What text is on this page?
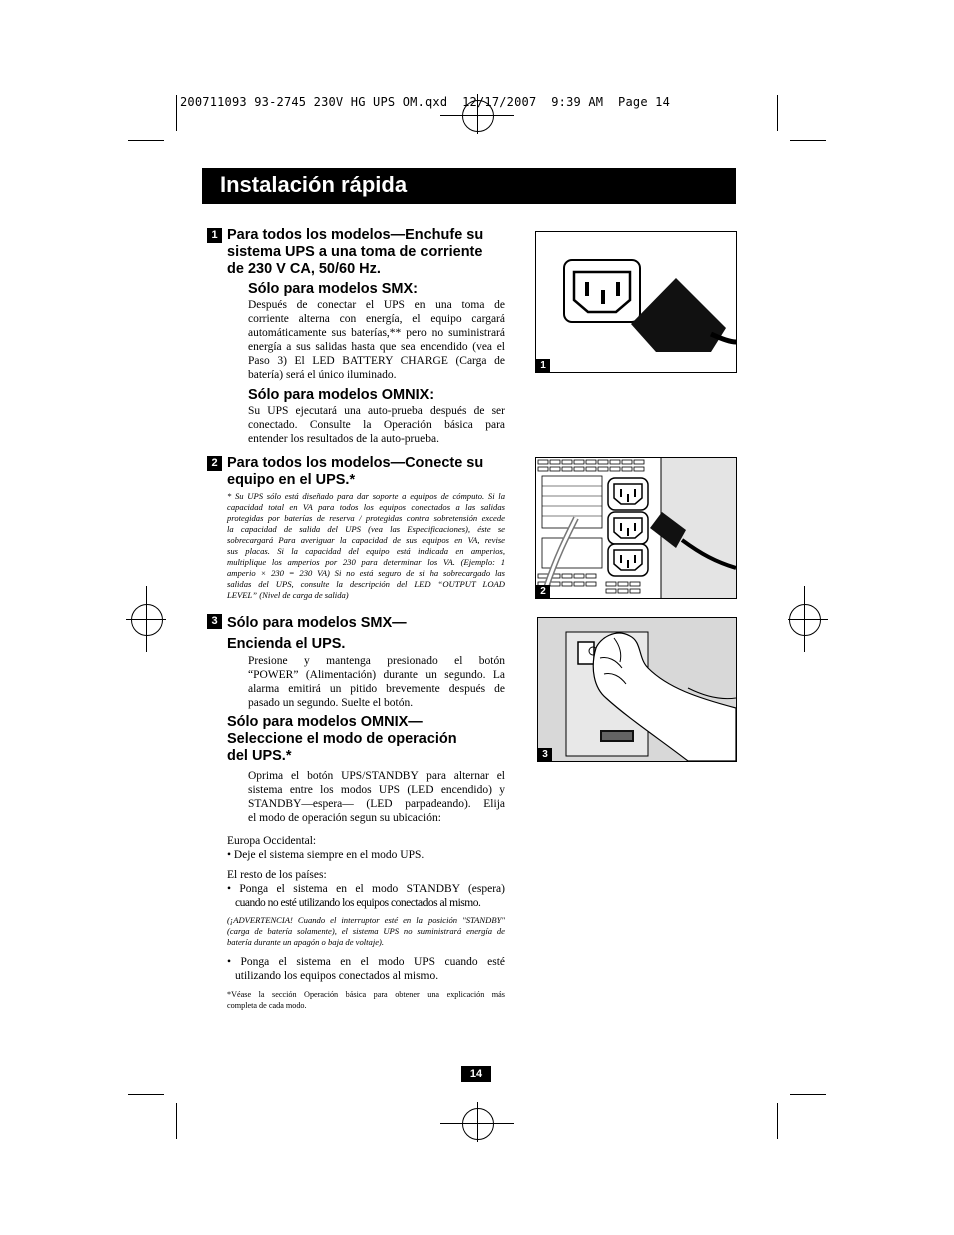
200711093 93-2745 230V HG UPS OM.qxd  12/17/2007  9:39 AM  Page 14
Instalación rápida
1 Para todos los modelos—Enchufe su
sistema UPS a una toma de corriente
de 230 V CA, 50/60 Hz.
Sólo para modelos SMX:
Después de conectar el UPS en una toma de
corriente alterna con energía, el equipo cargará
automáticamente sus baterías,** pero no suministrará
energía a sus salidas hasta que sea encendido (vea el
Paso 3) El LED BATTERY CHARGE (Carga de
batería) será el único iluminado.
Sólo para modelos OMNIX:
Su UPS ejecutará una auto-prueba después de ser
conectado. Consulte la Operación básica para
entender los resultados de la auto-prueba.
2 Para todos los modelos—Conecte su
equipo en el UPS.*
* Su UPS sólo está diseñado para dar soporte a equipos de cómputo. Si la
capacidad total en VA para todos los equipos conectados a las salidas
protegidas por baterías de reserva / protegidas contra sobretensión excede
la capacidad de salida del UPS (vea las Especificaciones), éste se
sobrecargará Para averiguar la capacidad de sus equipos en VA, revise
sus placas. Si la capacidad del equipo está indicada en amperios,
multiplique los amperios por 230 para determinar los VA. (Ejemplo: 1
amperio × 230 = 230 VA) Si no está seguro de si ha sobrecargado las
salidas del UPS, consulte la descripción del LED “OUTPUT LOAD
LEVEL” (Nivel de carga de salida)
3 Sólo para modelos SMX—
Encienda el UPS.
Presione y mantenga presionado el botón
“POWER” (Alimentación) durante un segundo. La
alarma emitirá un pitido brevemente después de
pasado un segundo. Suelte el botón.
Sólo para modelos OMNIX—
Seleccione el modo de operación
del UPS.*
Oprima el botón UPS/STANDBY para alternar el
sistema entre los modos UPS (LED encendido) y
STANDBY—espera— (LED parpadeando). Elija
el modo de operación segun su ubicación:
Europa Occidental:
• Deje el sistema siempre en el modo UPS.
El resto de los países:
• Ponga el sistema en el modo STANDBY (espera)
cuando no esté utilizando los equipos conectados al mismo.
(¡ADVERTENCIA! Cuando el interruptor esté en la posición "STANDBY"
(carga de batería solamente), el sistema UPS no suministrará energía de
batería durante un apagón o baja de voltaje).
• Ponga el sistema en el modo UPS cuando esté
utilizando los equipos conectados al mismo.
*Véase la sección Operación básica para obtener una explicación más
completa de cada modo.
1
2
3
14
